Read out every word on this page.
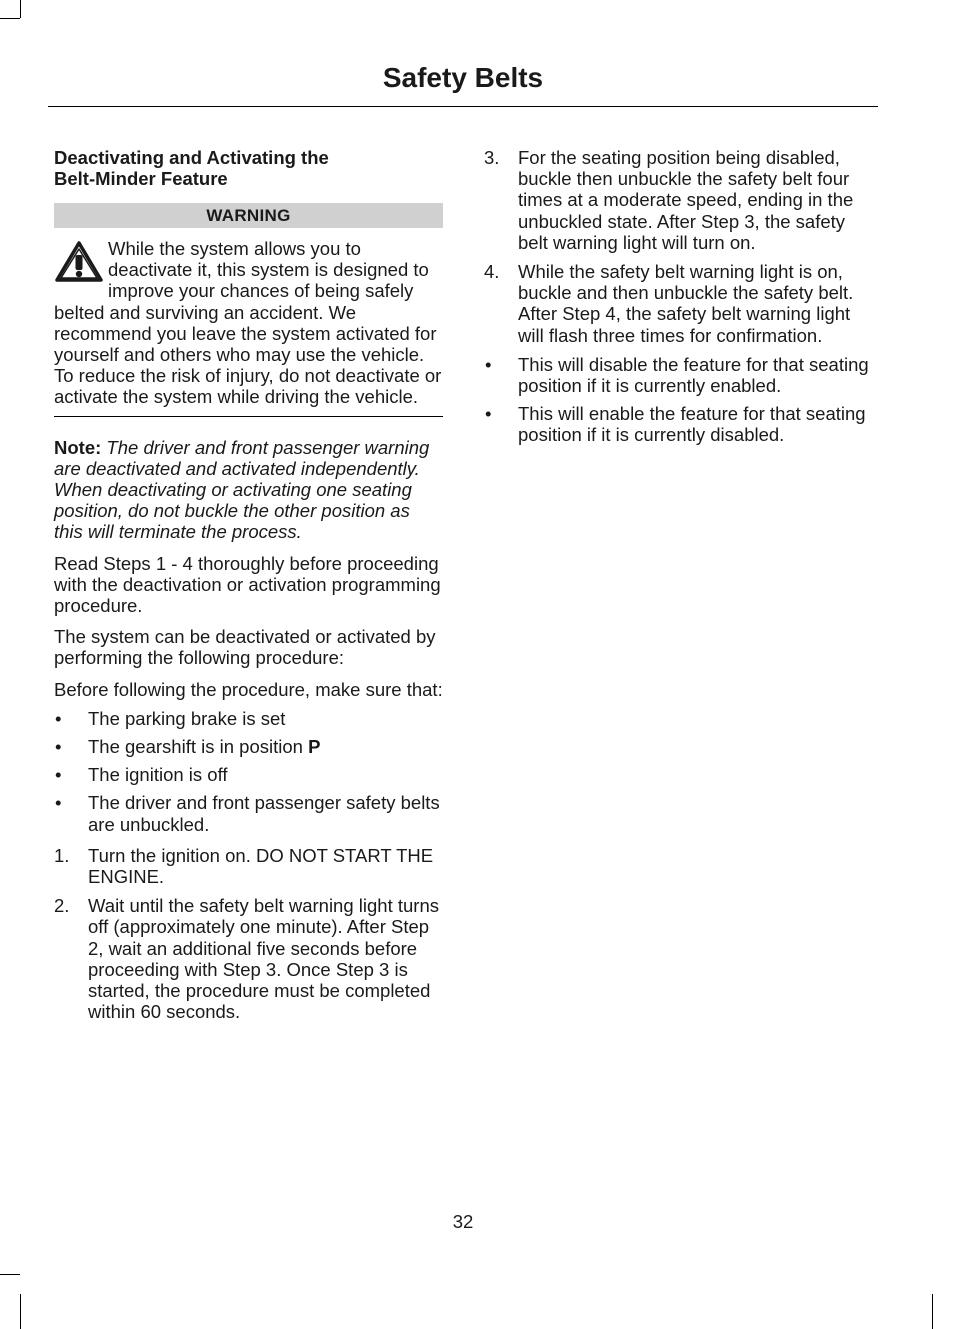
Safety Belts
Deactivating and Activating the
Belt-Minder Feature
WARNING
While the system allows you to deactivate it, this system is designed to improve your chances of being safely belted and surviving an accident. We recommend you leave the system activated for yourself and others who may use the vehicle. To reduce the risk of injury, do not deactivate or activate the system while driving the vehicle.

Note: The driver and front passenger warning are deactivated and activated independently. When deactivating or activating one seating position, do not buckle the other position as this will terminate the process.

Read Steps 1 - 4 thoroughly before proceeding with the deactivation or activation programming procedure.

The system can be deactivated or activated by performing the following procedure:

Before following the procedure, make sure that:

• The parking brake is set
• The gearshift is in position P
• The ignition is off
• The driver and front passenger safety belts are unbuckled.
1. Turn the ignition on. DO NOT START THE ENGINE.
2. Wait until the safety belt warning light turns off (approximately one minute). After Step 2, wait an additional five seconds before proceeding with Step 3. Once Step 3 is started, the procedure must be completed within 60 seconds.
3. For the seating position being disabled, buckle then unbuckle the safety belt four times at a moderate speed, ending in the unbuckled state. After Step 3, the safety belt warning light will turn on.
4. While the safety belt warning light is on, buckle and then unbuckle the safety belt. After Step 4, the safety belt warning light will flash three times for confirmation.
• This will disable the feature for that seating position if it is currently enabled.
• This will enable the feature for that seating position if it is currently disabled.
32
